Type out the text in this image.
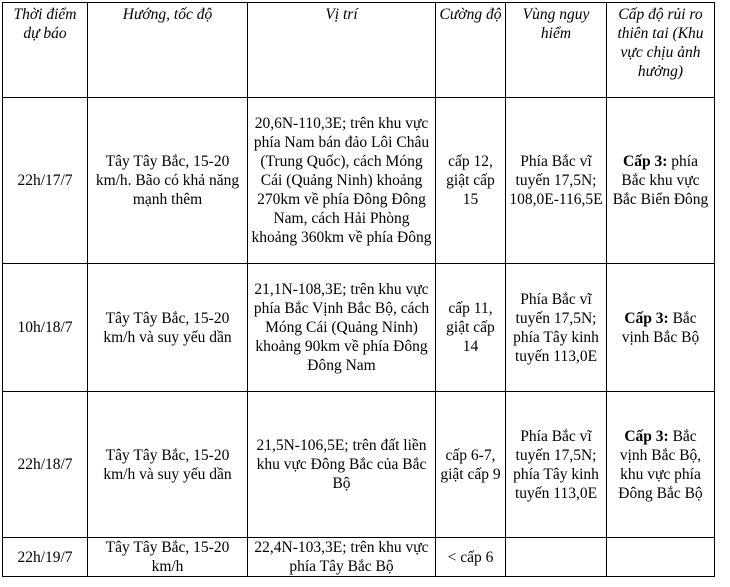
Thời điểm dự báo	Hướng, tốc độ	Vị trí	Cường độ	Vùng nguy hiểm	Cấp độ rủi ro thiên tai (Khu vực chịu ảnh hưởng)
22h/17/7	Tây Tây Bắc, 15-20 km/h. Bão có khả năng mạnh thêm	20,6N-110,3E; trên khu vực phía Nam bán đảo Lôi Châu (Trung Quốc), cách Móng Cái (Quảng Ninh) khoảng 270km về phía Đông Đông Nam, cách Hải Phòng khoảng 360km về phía Đông	cấp 12, giật cấp 15	Phía Bắc vĩ tuyến 17,5N; 108,0E-116,5E	Cấp 3: phía Bắc khu vực Bắc Biển Đông
10h/18/7	Tây Tây Bắc, 15-20 km/h và suy yếu dần	21,1N-108,3E; trên khu vực phía Bắc Vịnh Bắc Bộ, cách Móng Cái (Quảng Ninh) khoảng 90km về phía Đông Đông Nam	cấp 11, giật cấp 14	Phía Bắc vĩ tuyến 17,5N; phía Tây kinh tuyến 113,0E	Cấp 3: Bắc vịnh Bắc Bộ
22h/18/7	Tây Tây Bắc, 15-20 km/h và suy yếu dần	21,5N-106,5E; trên đất liền khu vực Đông Bắc của Bắc Bộ	cấp 6-7, giật cấp 9	Phía Bắc vĩ tuyến 17,5N; phía Tây kinh tuyến 113,0E	Cấp 3: Bắc vịnh Bắc Bộ, khu vực phía Đông Bắc Bộ
22h/19/7	Tây Tây Bắc, 15-20 km/h	22,4N-103,3E; trên khu vực phía Tây Bắc Bộ	< cấp 6		
